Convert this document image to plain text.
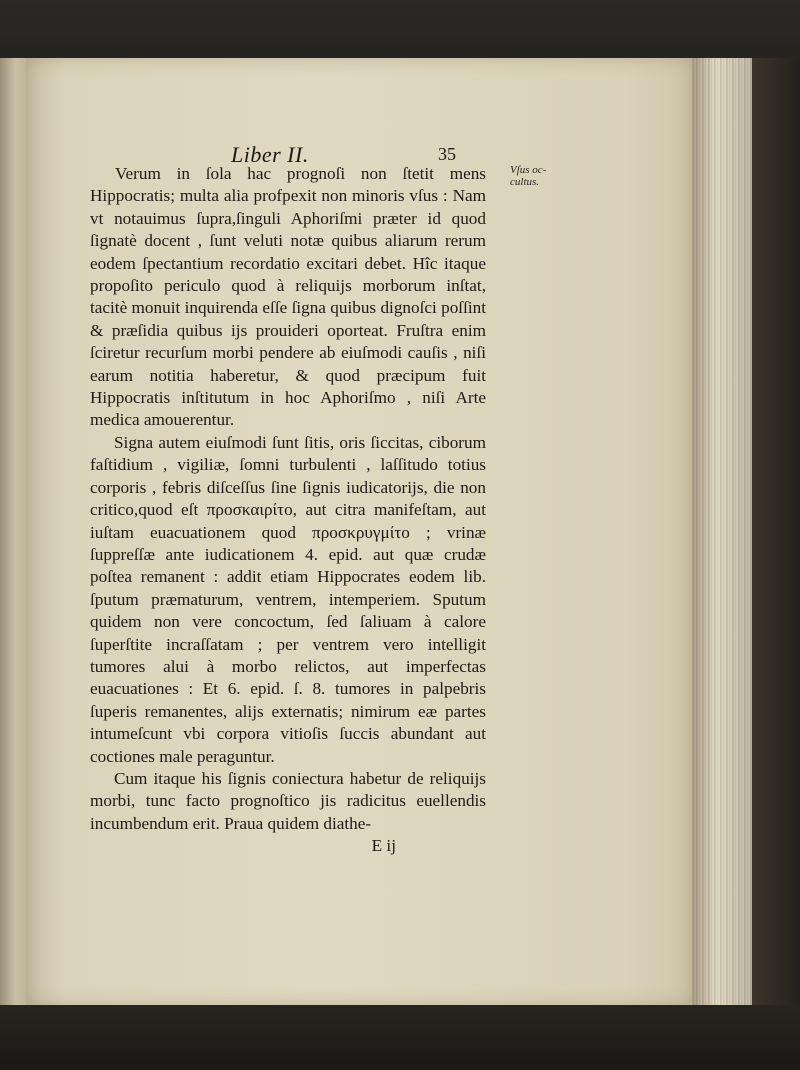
Liber II.	35

Verum in ſola hac prognoſi non ſtetit mens Hippocratis; multa alia profpexit non minoris vſus : Nam vt notauimus ſupra,ſinguli Aphoriſmi præter id quod ſignatè docent , ſunt veluti notæ quibus aliarum rerum eodem ſpectantium recordatio excitari debet. Hîc itaque propoſito periculo quod à reliquijs morborum inſtat, tacitè monuit inquirenda eſſe ſigna quibus dignoſci poſſint & præſidia quibus ijs prouideri oporteat. Fruſtra enim ſciretur recurſum morbi pendere ab eiuſmodi cauſis , niſi earum notitia haberetur, & quod præcipum fuit Hippocratis inſtitutum in hoc Aphoriſmo , niſi Arte medica amouerentur.

Signa autem eiuſmodi ſunt ſitis, oris ſiccitas, ciborum faſtidium , vigiliæ, ſomni turbulenti , laſſitudo totius corporis , febris diſceſſus ſine ſignis iudicatorijs, die non critico,quod eſt πρoσκαιρίτο, aut citra manifeſtam, aut iuſtam euacuationem quod πρoσκρυγμίτο ; vrinæ ſuppreſſæ ante iudicationem 4. epid. aut quæ crudæ poſtea remanent : addit etiam Hippocrates eodem lib. ſputum præmaturum, ventrem, intemperiem. Sputum quidem non vere concoctum, ſed ſaliuam à calore ſuperſtite incraſſatam ; per ventrem vero intelligit tumores alui à morbo relictos, aut imperfectas euacuationes : Et 6. epid. ſ. 8. tumores in palpebris ſuperis remanentes, alijs externatis; nimirum eæ partes intumeſcunt vbi corpora vitioſis ſuccis abundant aut coctiones male peraguntur.

Cum itaque his ſignis coniectura habetur de reliquijs morbi, tunc facto prognoſtico jis radicitus euellendis incumbendum erit. Praua quidem diathe-

E ij

Vſus oc-cultus.
